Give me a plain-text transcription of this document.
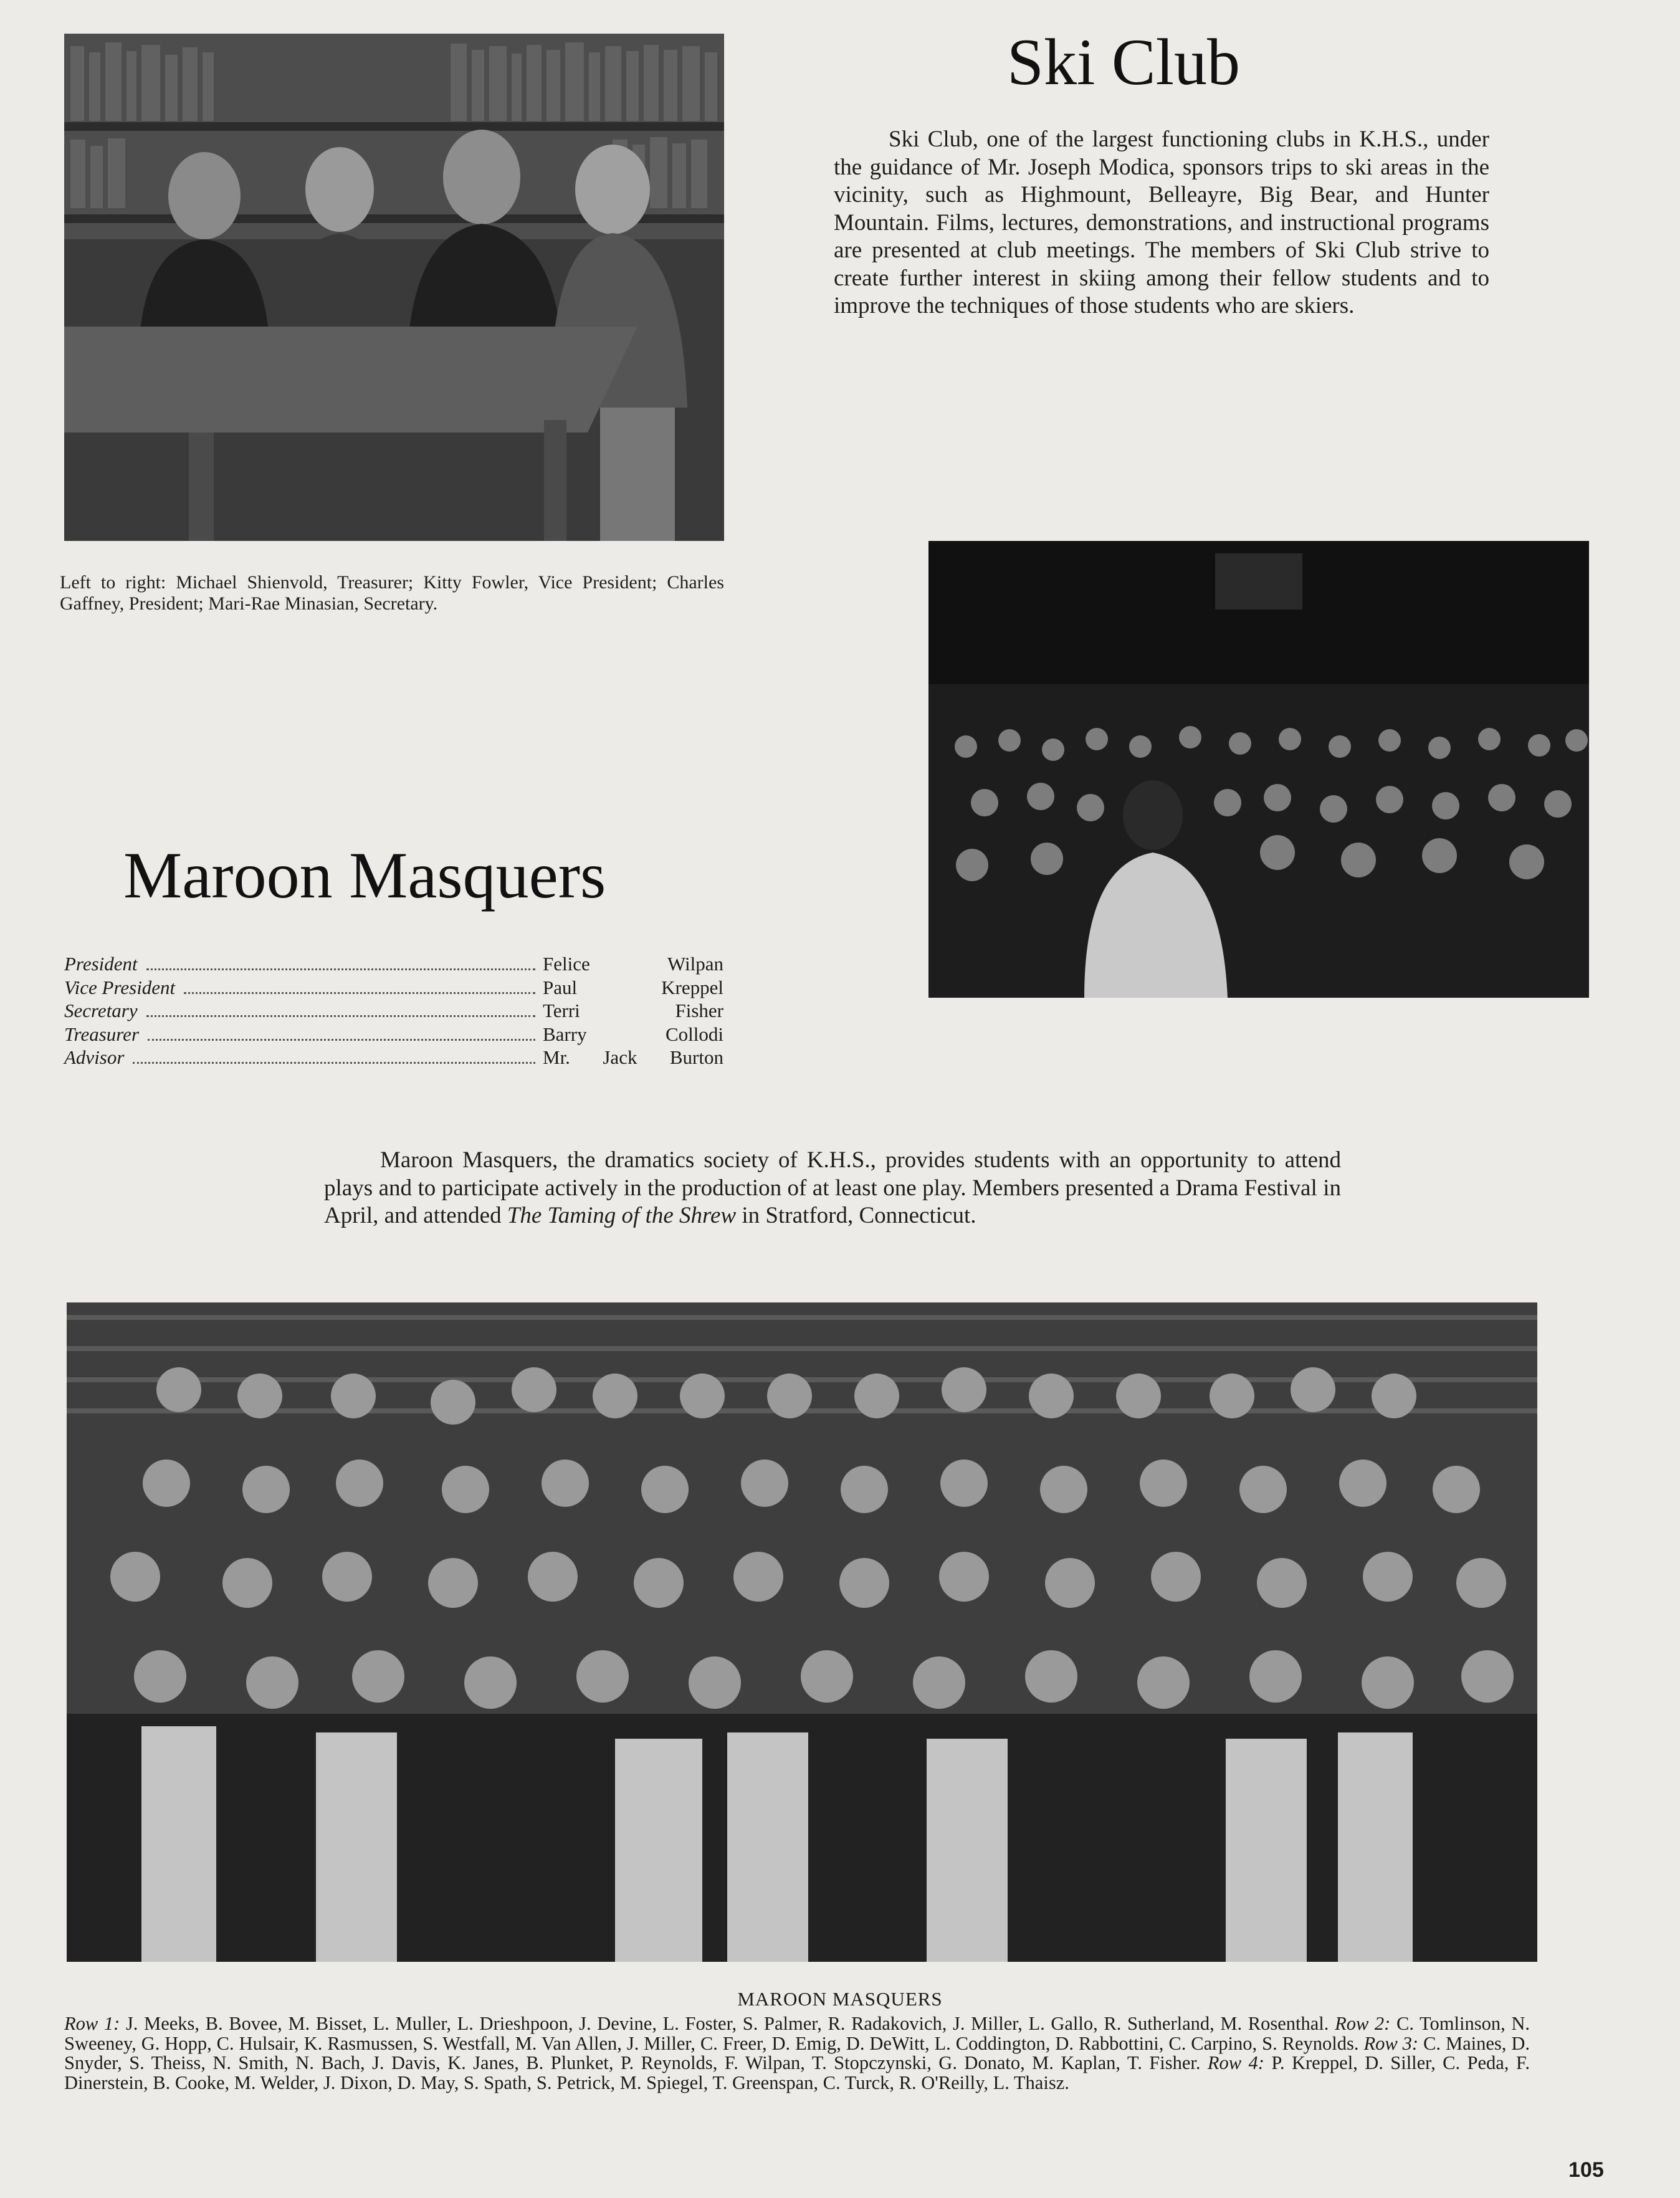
Ski Club

Ski Club, one of the largest functioning clubs in K.H.S., under the guidance of Mr. Joseph Modica, sponsors trips to ski areas in the vicinity, such as Highmount, Belleayre, Big Bear, and Hunter Mountain. Films, lectures, demonstrations, and instructional programs are presented at club meetings. The members of Ski Club strive to create further interest in skiing among their fellow students and to improve the techniques of those students who are skiers.

Left to right: Michael Shienvold, Treasurer; Kitty Fowler, Vice President; Charles Gaffney, President; Mari-Rae Minasian, Secretary.

Maroon Masquers
President	Felice Wilpan
Vice President	Paul Kreppel
Secretary	Terri Fisher
Treasurer	Barry Collodi
Advisor	Mr. Jack Burton

Maroon Masquers, the dramatics society of K.H.S., provides students with an opportunity to attend plays and to participate actively in the production of at least one play. Members presented a Drama Festival in April, and attended The Taming of the Shrew in Stratford, Connecticut.

MAROON MASQUERS

Row 1: J. Meeks, B. Bovee, M. Bisset, L. Muller, L. Drieshpoon, J. Devine, L. Foster, S. Palmer, R. Radakovich, J. Miller, L. Gallo, R. Sutherland, M. Rosenthal. Row 2: C. Tomlinson, N. Sweeney, G. Hopp, C. Hulsair, K. Rasmussen, S. Westfall, M. Van Allen, J. Miller, C. Freer, D. Emig, D. DeWitt, L. Coddington, D. Rabbottini, C. Carpino, S. Reynolds. Row 3: C. Maines, D. Snyder, S. Theiss, N. Smith, N. Bach, J. Davis, K. Janes, B. Plunket, P. Reynolds, F. Wilpan, T. Stopczynski, G. Donato, M. Kaplan, T. Fisher. Row 4: P. Kreppel, D. Siller, C. Peda, F. Dinerstein, B. Cooke, M. Welder, J. Dixon, D. May, S. Spath, S. Petrick, M. Spiegel, T. Greenspan, C. Turck, R. O'Reilly, L. Thaisz.

105
